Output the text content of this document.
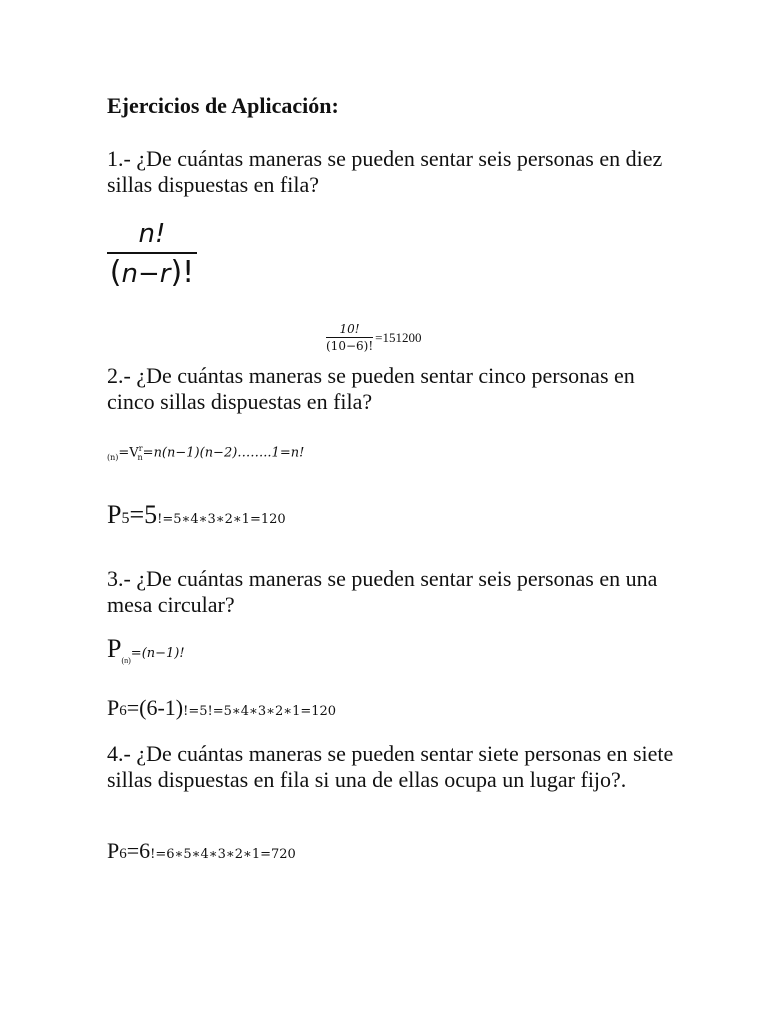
Ejercicios de Aplicación:
1.- ¿De cuántas maneras se pueden sentar seis personas en diez sillas dispuestas en fila?
n!
(n−r)!
10!
(10−6)!
=151200
2.- ¿De cuántas maneras se pueden sentar cinco personas en cinco sillas dispuestas en fila?
$_{(n)}=V^r_n=n(n-1)(n-2)\dots\dots..1=n$!
P5=5!=5∗4∗3∗2∗1=120
3.- ¿De cuántas maneras se pueden sentar seis personas en una mesa circular?
$P_{(n)}=(n-1)$!
P6=(6-1)!=5!=5∗4∗3∗2∗1=120
4.- ¿De cuántas maneras se pueden sentar siete personas en siete sillas dispuestas en fila si una de ellas ocupa un lugar fijo?.
P6=6!=6∗5∗4∗3∗2∗1=720
